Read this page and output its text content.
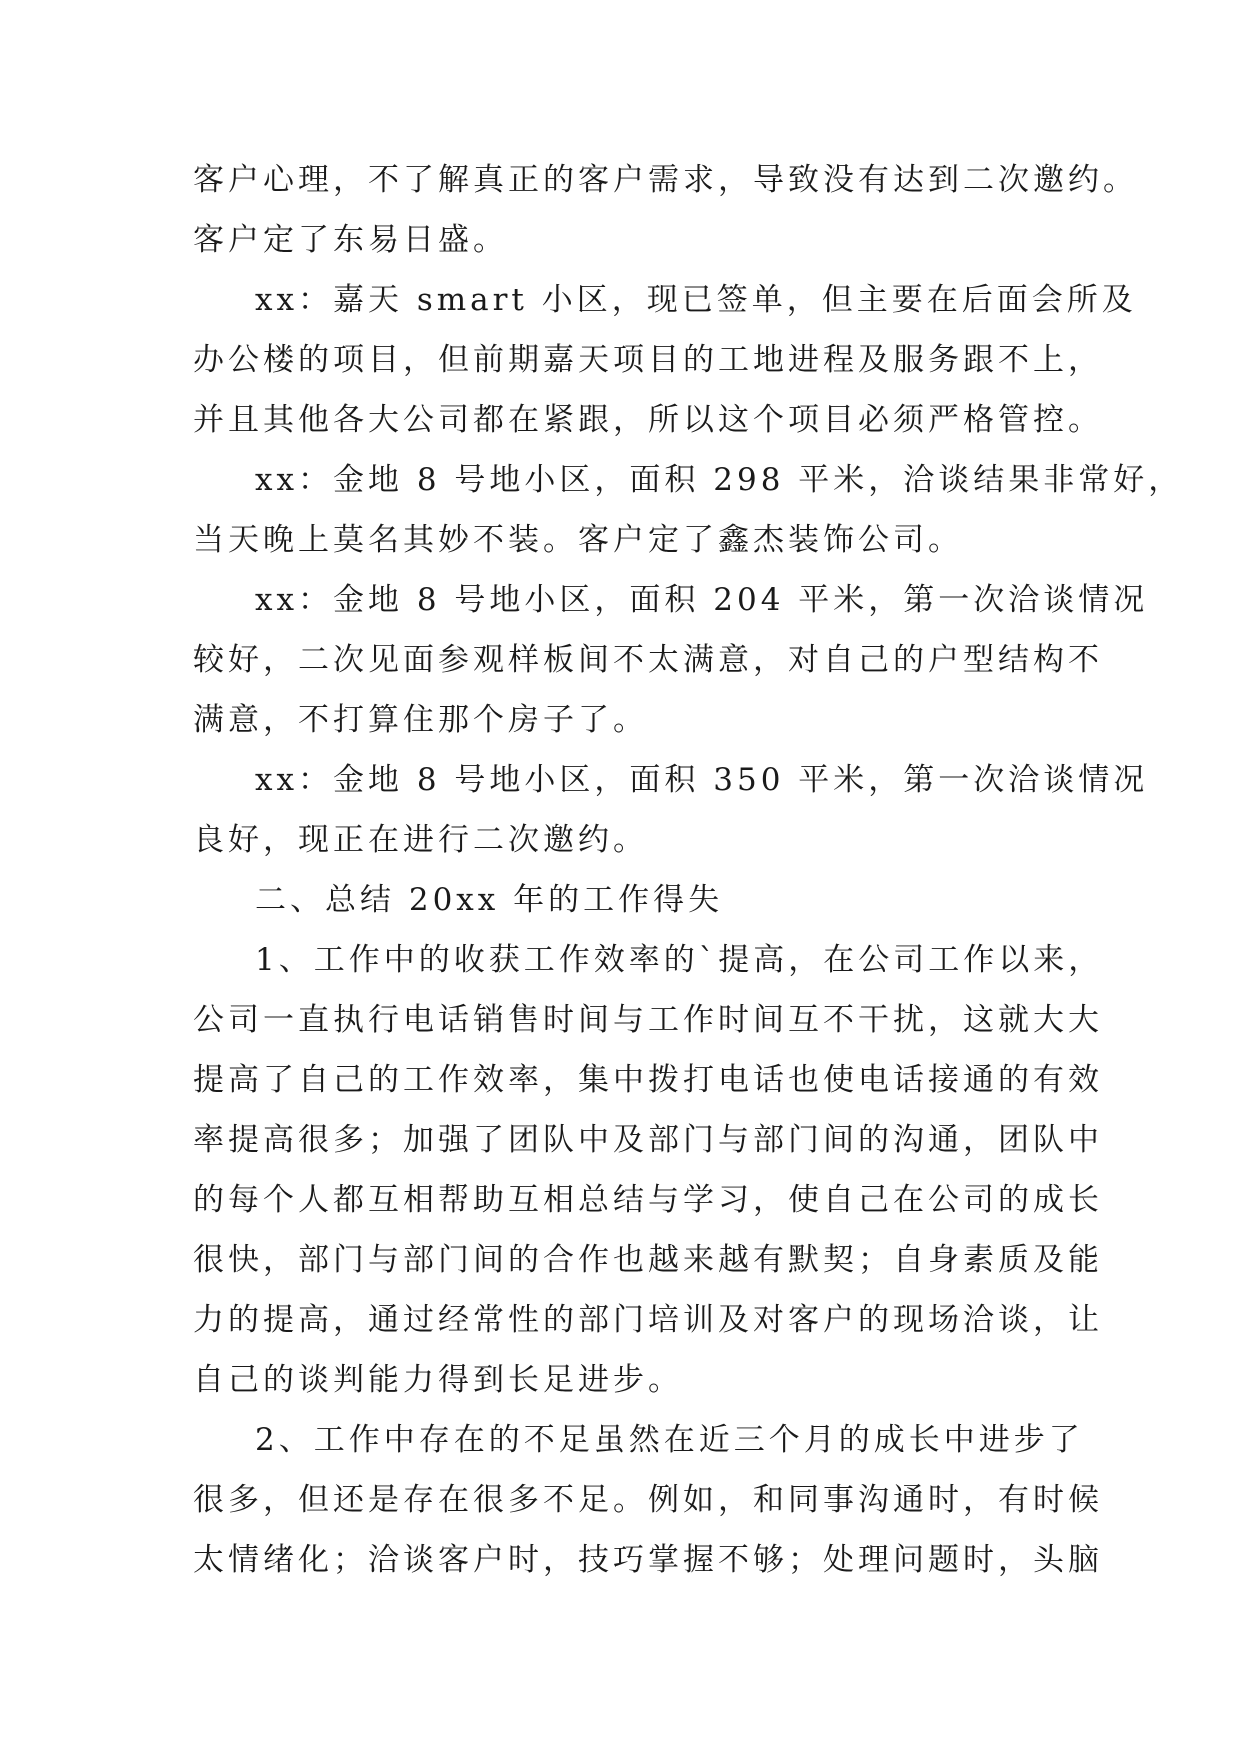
客户心理，不了解真正的客户需求，导致没有达到二次邀约。
客户定了东易日盛。
xx：嘉天 smart 小区，现已签单，但主要在后面会所及
办公楼的项目，但前期嘉天项目的工地进程及服务跟不上，
并且其他各大公司都在紧跟，所以这个项目必须严格管控。
xx：金地 8 号地小区，面积 298 平米，洽谈结果非常好，
当天晚上莫名其妙不装。客户定了鑫杰装饰公司。
xx：金地 8 号地小区，面积 204 平米，第一次洽谈情况
较好，二次见面参观样板间不太满意，对自己的户型结构不
满意，不打算住那个房子了。
xx：金地 8 号地小区，面积 350 平米，第一次洽谈情况
良好，现正在进行二次邀约。
二、总结 20xx 年的工作得失
1、工作中的收获工作效率的`提高，在公司工作以来，
公司一直执行电话销售时间与工作时间互不干扰，这就大大
提高了自己的工作效率，集中拨打电话也使电话接通的有效
率提高很多；加强了团队中及部门与部门间的沟通，团队中
的每个人都互相帮助互相总结与学习，使自己在公司的成长
很快，部门与部门间的合作也越来越有默契；自身素质及能
力的提高，通过经常性的部门培训及对客户的现场洽谈，让
自己的谈判能力得到长足进步。
2、工作中存在的不足虽然在近三个月的成长中进步了
很多，但还是存在很多不足。例如，和同事沟通时，有时候
太情绪化；洽谈客户时，技巧掌握不够；处理问题时，头脑
